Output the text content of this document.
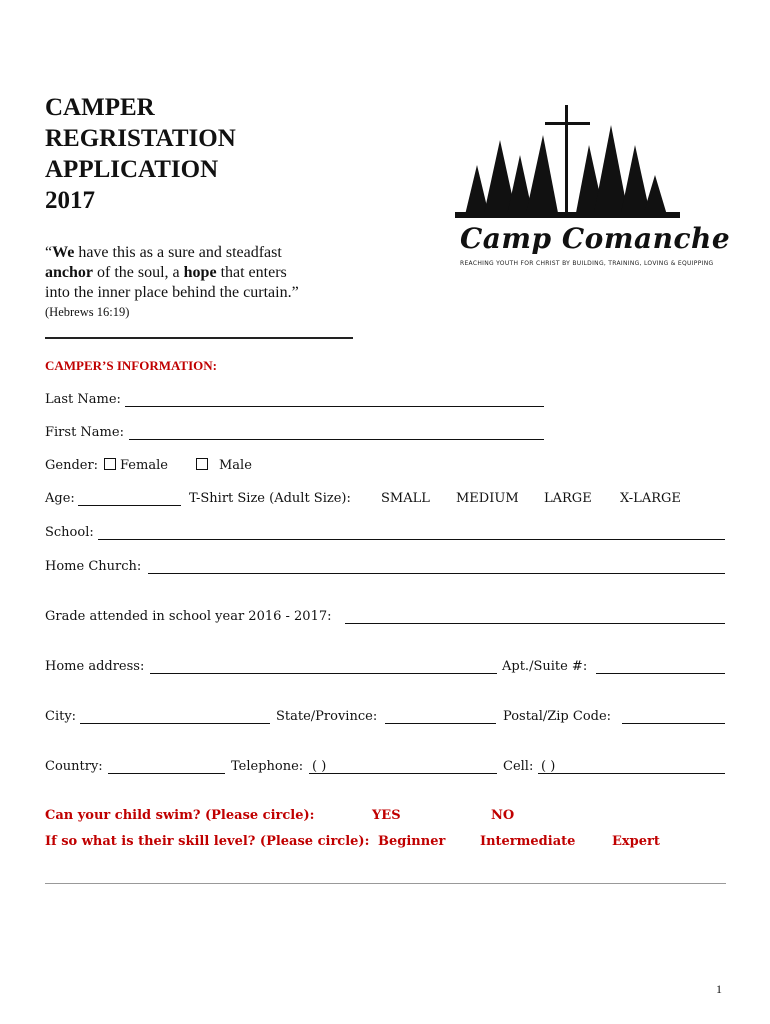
CAMPER
REGRISTATION
APPLICATION
2017
“We have this as a sure and steadfast
anchor of the soul, a hope that enters
into the inner place behind the curtain.”
(Hebrews 16:19)
Camp Comanche
REACHING YOUTH FOR CHRIST BY BUILDING, TRAINING, LOVING & EQUIPPING
CAMPER’S INFORMATION:
Last Name:
First Name:
Gender:	Female	Male
Age:	T-Shirt Size (Adult Size): SMALL MEDIUM LARGE X-LARGE
School:
Home Church:
Grade attended in school year 2016 - 2017:
Home address:	Apt./Suite #:
City:	State/Province:	Postal/Zip Code:
Country:	Telephone: ( )	Cell: ( )
Can your child swim? (Please circle):	YES	NO
If so what is their skill level? (Please circle): Beginner	Intermediate	Expert
1
